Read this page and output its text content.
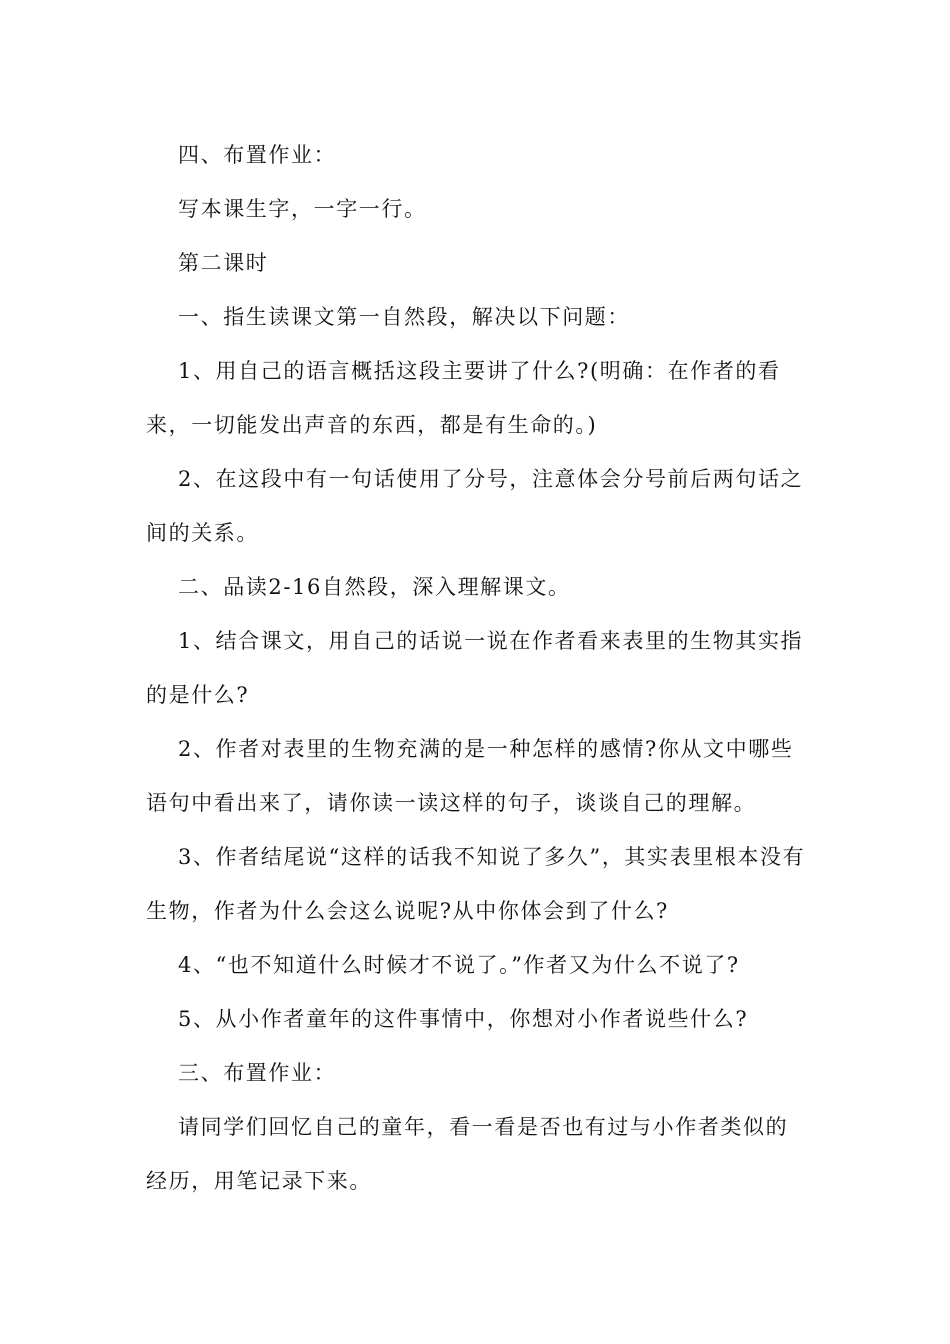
四、布置作业：

写本课生字，一字一行。

第二课时

一、指生读课文第一自然段，解决以下问题：

1、用自己的语言概括这段主要讲了什么?(明确：在作者的看来，一切能发出声音的东西，都是有生命的。)

2、在这段中有一句话使用了分号，注意体会分号前后两句话之间的关系。

二、品读2-16自然段，深入理解课文。

1、结合课文，用自己的话说一说在作者看来表里的生物其实指的是什么?

2、作者对表里的生物充满的是一种怎样的感情?你从文中哪些语句中看出来了，请你读一读这样的句子，谈谈自己的理解。

3、作者结尾说“这样的话我不知说了多久”，其实表里根本没有生物，作者为什么会这么说呢?从中你体会到了什么?

4、“也不知道什么时候才不说了。”作者又为什么不说了?

5、从小作者童年的这件事情中，你想对小作者说些什么?

三、布置作业：

请同学们回忆自己的童年，看一看是否也有过与小作者类似的经历，用笔记录下来。
